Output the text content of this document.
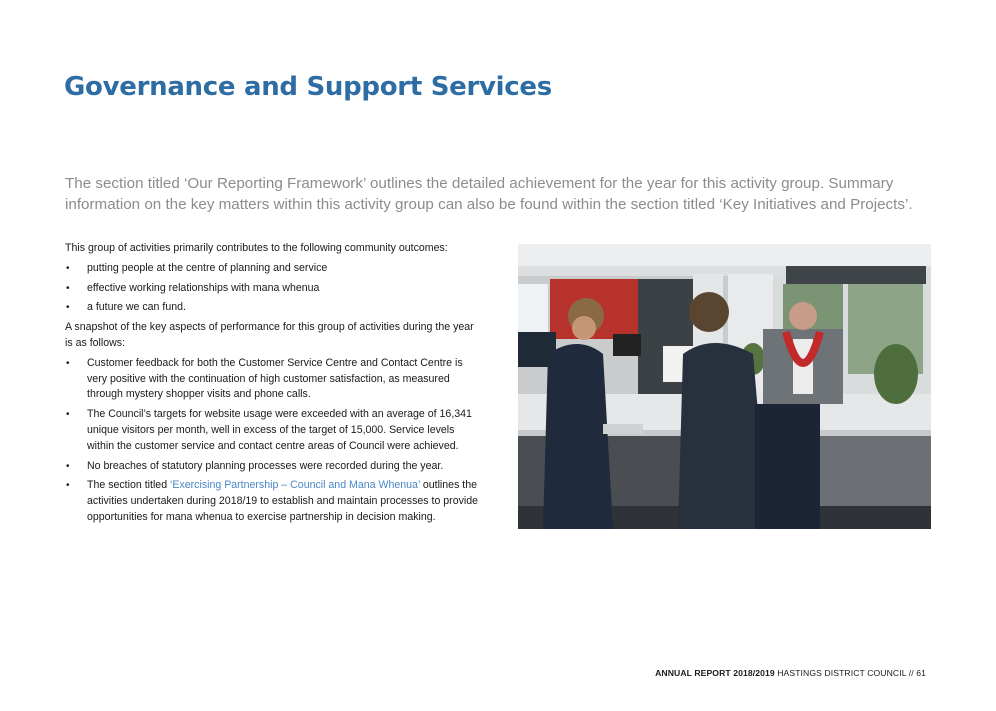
Governance and Support Services
The section titled ‘Our Reporting Framework’ outlines the detailed achievement for the year for this activity group. Summary information on the key matters within this activity group can also be found within the section titled ‘Key Initiatives and Projects’.

This group of activities primarily contributes to the following community outcomes:

• putting people at the centre of planning and service
• effective working relationships with mana whenua
• a future we can fund.

A snapshot of the key aspects of performance for this group of activities during the year is as follows:

• Customer feedback for both the Customer Service Centre and Contact Centre is very positive with the continuation of high customer satisfaction, as measured through mystery shopper visits and phone calls.
• The Council’s targets for website usage were exceeded with an average of 16,341 unique visitors per month, well in excess of the target of 15,000. Service levels within the customer service and contact centre areas of Council were achieved.
• No breaches of statutory planning processes were recorded during the year.
• The section titled ‘Exercising Partnership – Council and Mana Whenua’ outlines the activities undertaken during 2018/19 to establish and maintain processes to provide opportunities for mana whenua to exercise partnership in decision making.
ANNUAL REPORT 2018/2019 HASTINGS DISTRICT COUNCIL // 61
